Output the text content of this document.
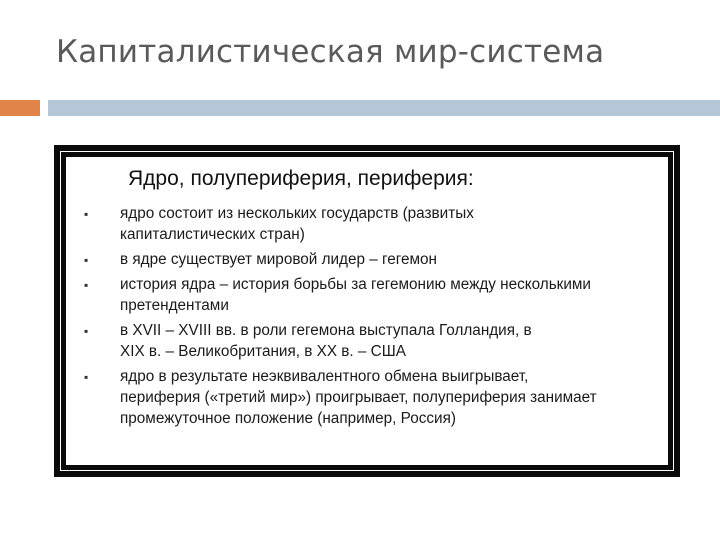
Капиталистическая мир-система
Ядро, полупериферия, периферия:
▪ ядро состоит из нескольких государств (развитых
капиталистических стран)
▪ в ядре существует мировой лидер – гегемон
▪ история ядра – история борьбы за гегемонию между несколькими
претендентами
▪ в XVII – XVIII вв. в роли гегемона выступала Голландия, в
XIX в. – Великобритания, в XX в. – США
▪ ядро в результате неэквивалентного обмена выигрывает,
периферия («третий мир») проигрывает, полупериферия занимает
промежуточное положение (например, Россия)
